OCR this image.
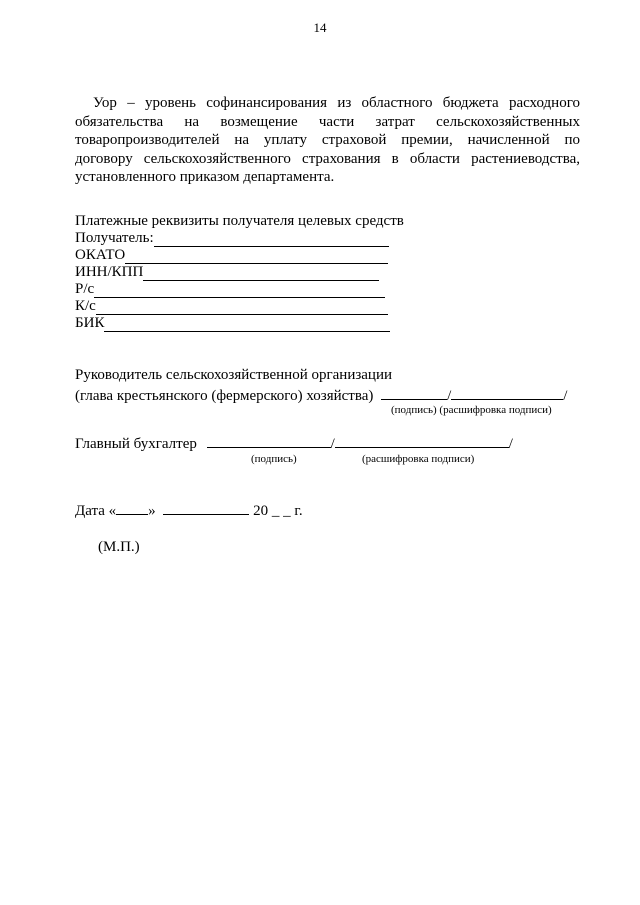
14
Уор – уровень софинансирования из областного бюджета расходного
обязательства на возмещение части затрат сельскохозяйственных
товаропроизводителей на уплату страховой премии, начисленной по
договору сельскохозяйственного страхования в области растениеводства,
установленного приказом департамента.
Платежные реквизиты получателя целевых средств
Получатель:
ОКАТО
ИНН/КПП
Р/с
К/с
БИК
Руководитель сельскохозяйственной организации
(глава крестьянского (фермерского) хозяйства)	/	/
(подпись) (расшифровка подписи)
Главный бухгалтер	/	/
(подпись)	(расшифровка подписи)
Дата « »	20 _ _ г.
(М.П.)
